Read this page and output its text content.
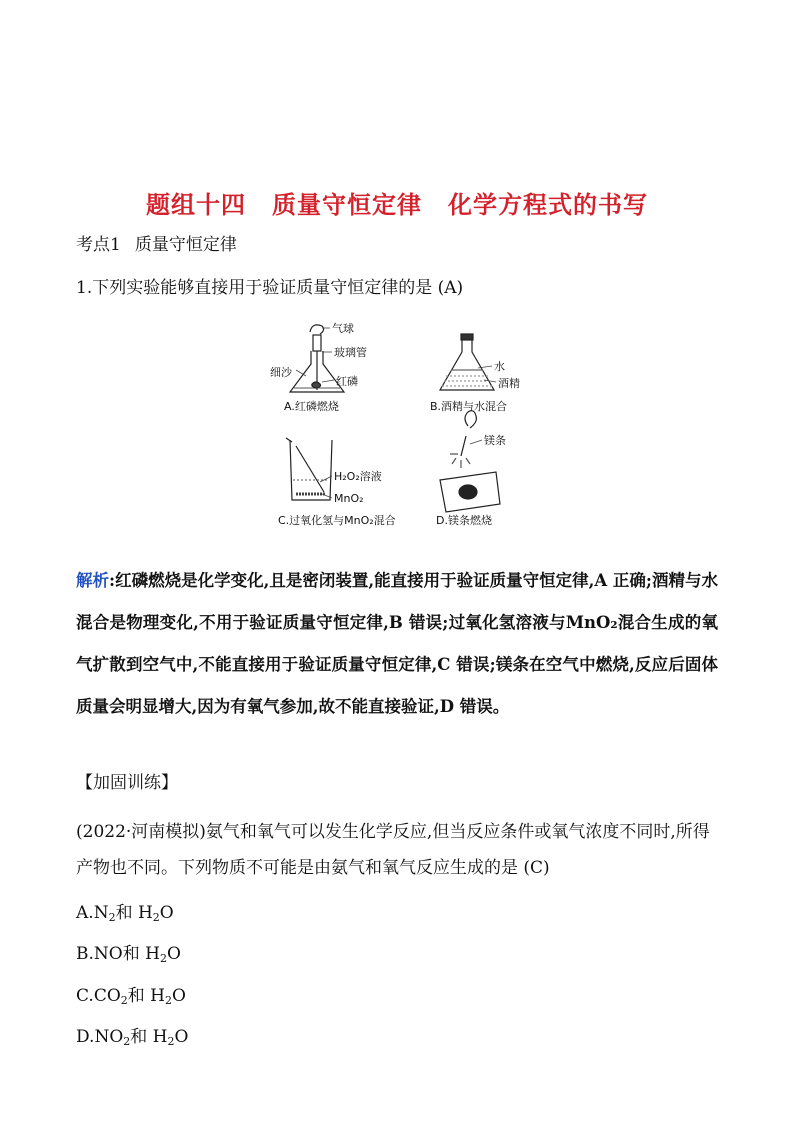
题组十四 质量守恒定律 化学方程式的书写
考点1 质量守恒定律
1.下列实验能够直接用于验证质量守恒定律的是 (A)
气球
玻璃管
细沙
红磷
A.红磷燃烧
水
酒精
B.酒精与水混合
H₂O₂溶液
MnO₂
C.过氧化氢与MnO₂混合
镁条
D.镁条燃烧
解析:红磷燃烧是化学变化,且是密闭装置,能直接用于验证质量守恒定律,A 正确;酒精与水混合是物理变化,不用于验证质量守恒定律,B 错误;过氧化氢溶液与MnO₂混合生成的氧气扩散到空气中,不能直接用于验证质量守恒定律,C 错误;镁条在空气中燃烧,反应后固体质量会明显增大,因为有氧气参加,故不能直接验证,D 错误。
【加固训练】
(2022·河南模拟)氨气和氧气可以发生化学反应,但当反应条件或氧气浓度不同时,所得产物也不同。下列物质不可能是由氨气和氧气反应生成的是 (C)
$A.N_2$和 $H_2O$
B.NO和 $H_2O$
$C.CO_2$和 $H_2O$
$D.NO_2$和 $H_2O$
